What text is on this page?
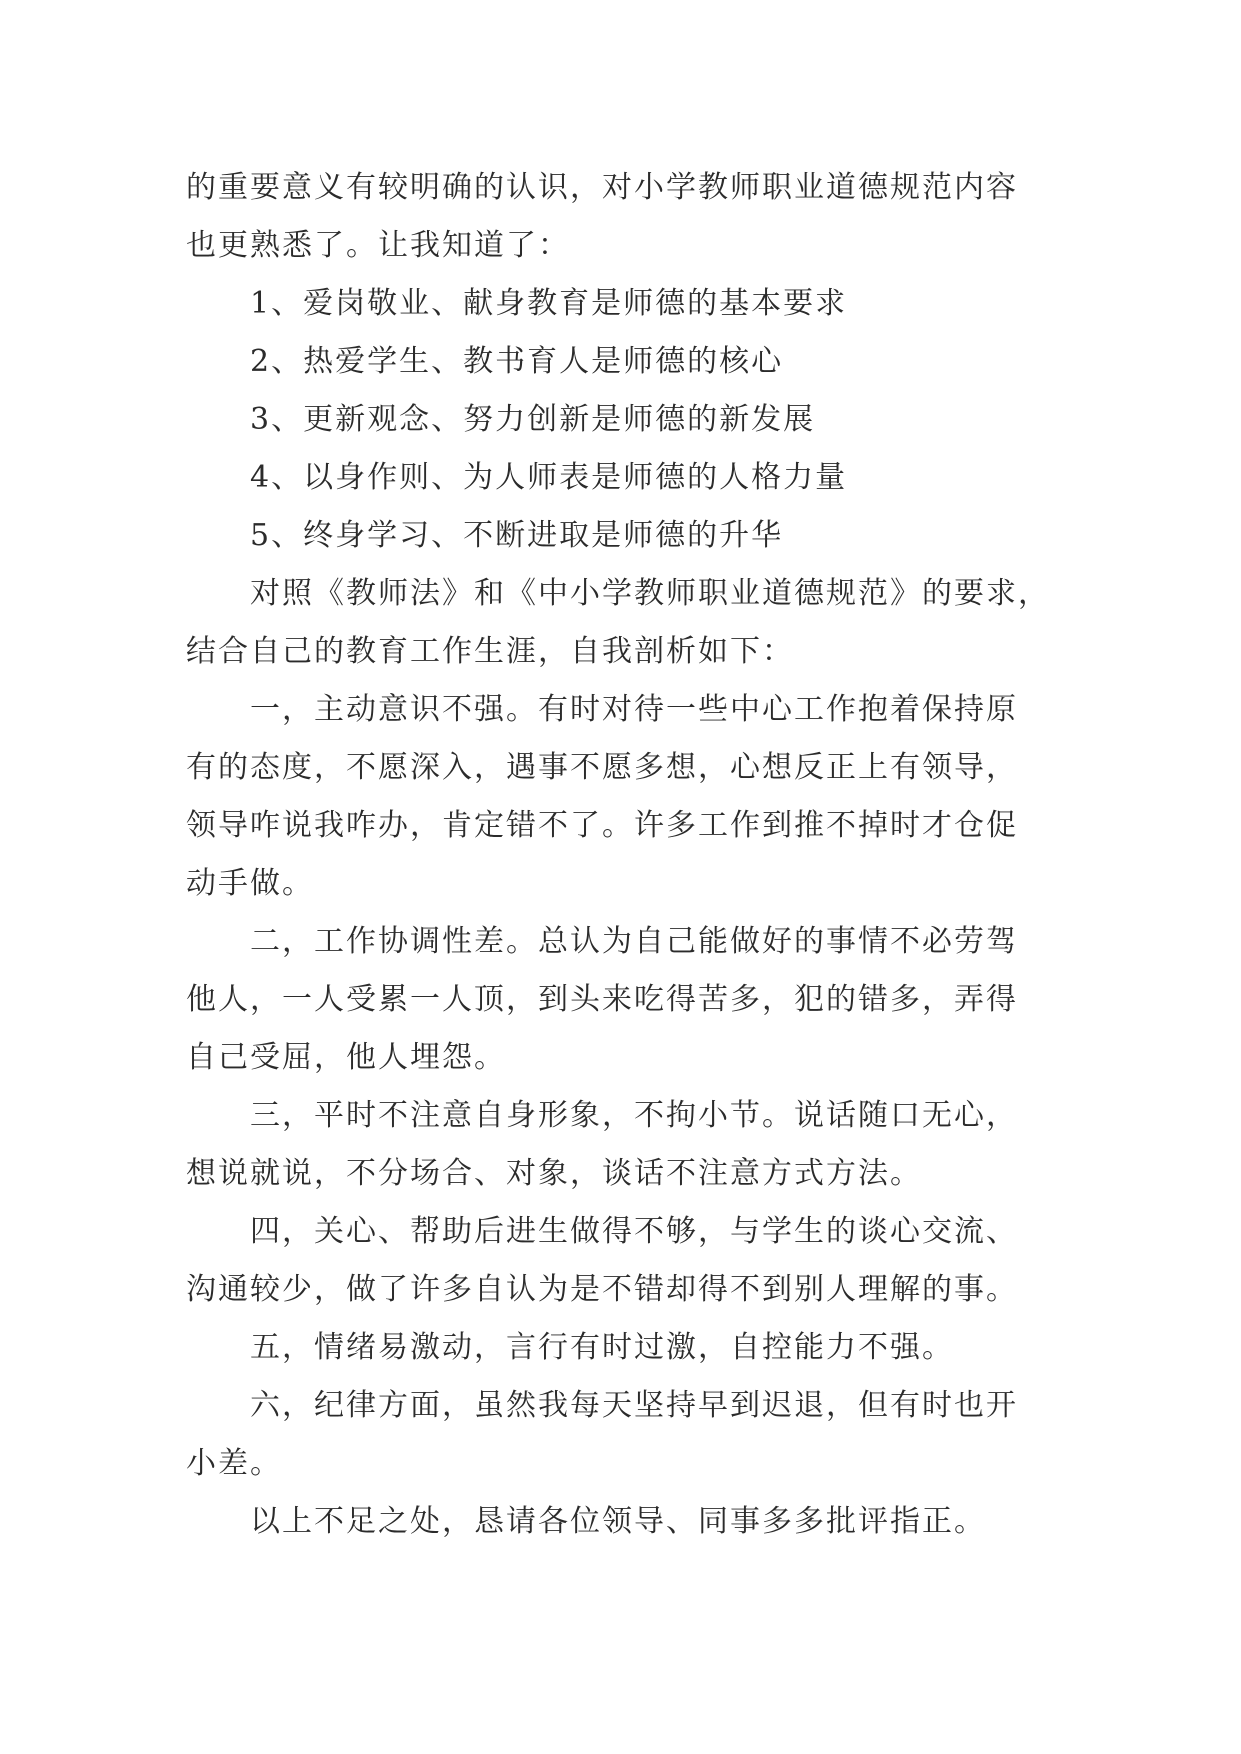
的重要意义有较明确的认识，对小学教师职业道德规范内容
也更熟悉了。让我知道了：
1、爱岗敬业、献身教育是师德的基本要求
2、热爱学生、教书育人是师德的核心
3、更新观念、努力创新是师德的新发展
4、以身作则、为人师表是师德的人格力量
5、终身学习、不断进取是师德的升华
对照《教师法》和《中小学教师职业道德规范》的要求，
结合自己的教育工作生涯，自我剖析如下：
一，主动意识不强。有时对待一些中心工作抱着保持原
有的态度，不愿深入，遇事不愿多想，心想反正上有领导，
领导咋说我咋办，肯定错不了。许多工作到推不掉时才仓促
动手做。
二，工作协调性差。总认为自己能做好的事情不必劳驾
他人，一人受累一人顶，到头来吃得苦多，犯的错多，弄得
自己受屈，他人埋怨。
三，平时不注意自身形象，不拘小节。说话随口无心，
想说就说，不分场合、对象，谈话不注意方式方法。
四，关心、帮助后进生做得不够，与学生的谈心交流、
沟通较少，做了许多自认为是不错却得不到别人理解的事。
五，情绪易激动，言行有时过激，自控能力不强。
六，纪律方面，虽然我每天坚持早到迟退，但有时也开
小差。
以上不足之处，恳请各位领导、同事多多批评指正。
